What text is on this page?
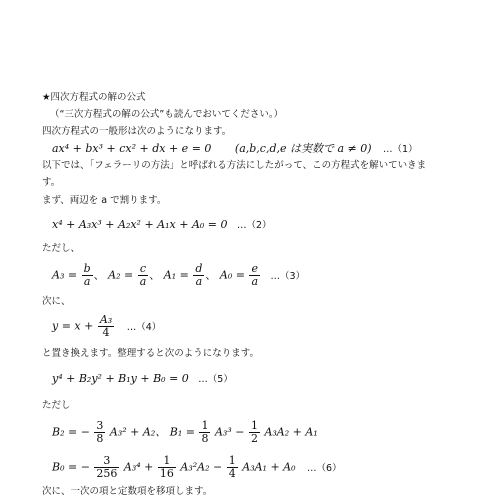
★四次方程式の解の公式
（“三次方程式の解の公式”も読んでおいてください。）
四次方程式の一般形は次のようになります。
ax⁴ + bx³ + cx² + dx + e = 0 (a,b,c,d,e は実数で a ≠ 0) …（1）
以下では、「フェラーリの方法」と呼ばれる方法にしたがって、この方程式を解いていきま
す。
まず、両辺を a で割ります。
x⁴ + A₃x³ + A₂x² + A₁x + A₀ = 0 …（2）
ただし、
$A_3 = \frac{b}{a}$ 、 $A_2 = \frac{c}{a}$ 、 $A_1 = \frac{d}{a}$ 、 $A_0 = \frac{e}{a}$ …（3）
次に、
$y = x + \frac{\text{A₃}}{4}$ …（4）
と置き換えます。整理すると次のようになります。
y⁴ + B₂y² + B₁y + B₀ = 0 …（5）
ただし
B₂ = − $\frac{3}{8} A_3^2 + A_2$、 $B_1 = \frac{1}{8} A_3^3 - \frac{1}{2} A_3A_2 + A_1$
B₀ = − $\frac{3}{256} A_3^4 + \frac{1}{16} A_3^2A_2 - \frac{1}{4} A_3A_1 + A_0$ …（6）
次に、一次の項と定数項を移項します。
